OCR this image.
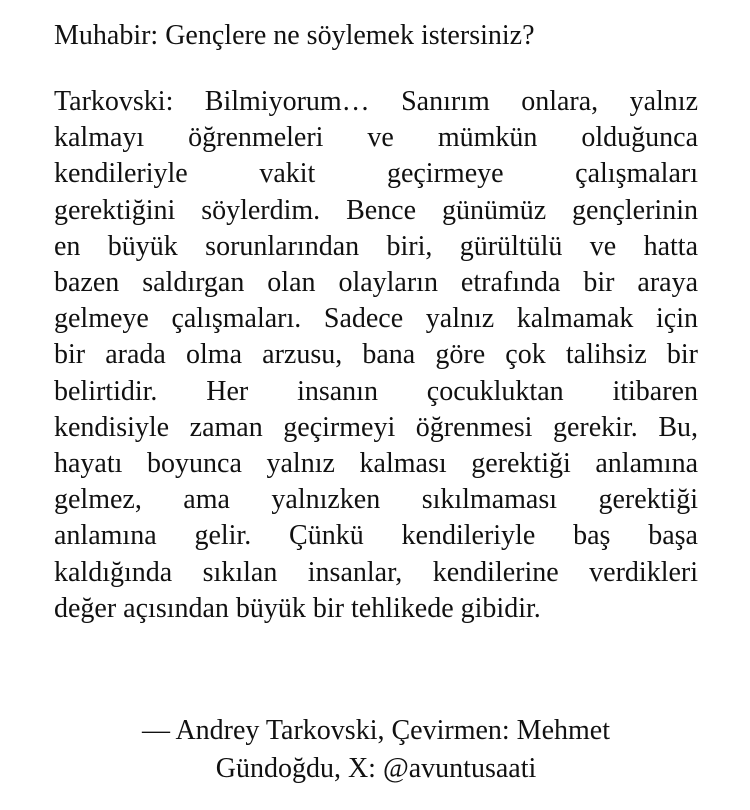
Muhabir: Gençlere ne söylemek istersiniz?

Tarkovski: Bilmiyorum… Sanırım onlara, yalnız
kalmayı öğrenmeleri ve mümkün olduğunca
kendileriyle vakit geçirmeye çalışmaları
gerektiğini söylerdim. Bence günümüz gençlerinin
en büyük sorunlarından biri, gürültülü ve hatta
bazen saldırgan olan olayların etrafında bir araya
gelmeye çalışmaları. Sadece yalnız kalmamak için
bir arada olma arzusu, bana göre çok talihsiz bir
belirtidir. Her insanın çocukluktan itibaren
kendisiyle zaman geçirmeyi öğrenmesi gerekir. Bu,
hayatı boyunca yalnız kalması gerektiği anlamına
gelmez, ama yalnızken sıkılmaması gerektiği
anlamına gelir. Çünkü kendileriyle baş başa
kaldığında sıkılan insanlar, kendilerine verdikleri
değer açısından büyük bir tehlikede gibidir.
— Andrey Tarkovski, Çevirmen: Mehmet
Gündoğdu, X: @avuntusaati
